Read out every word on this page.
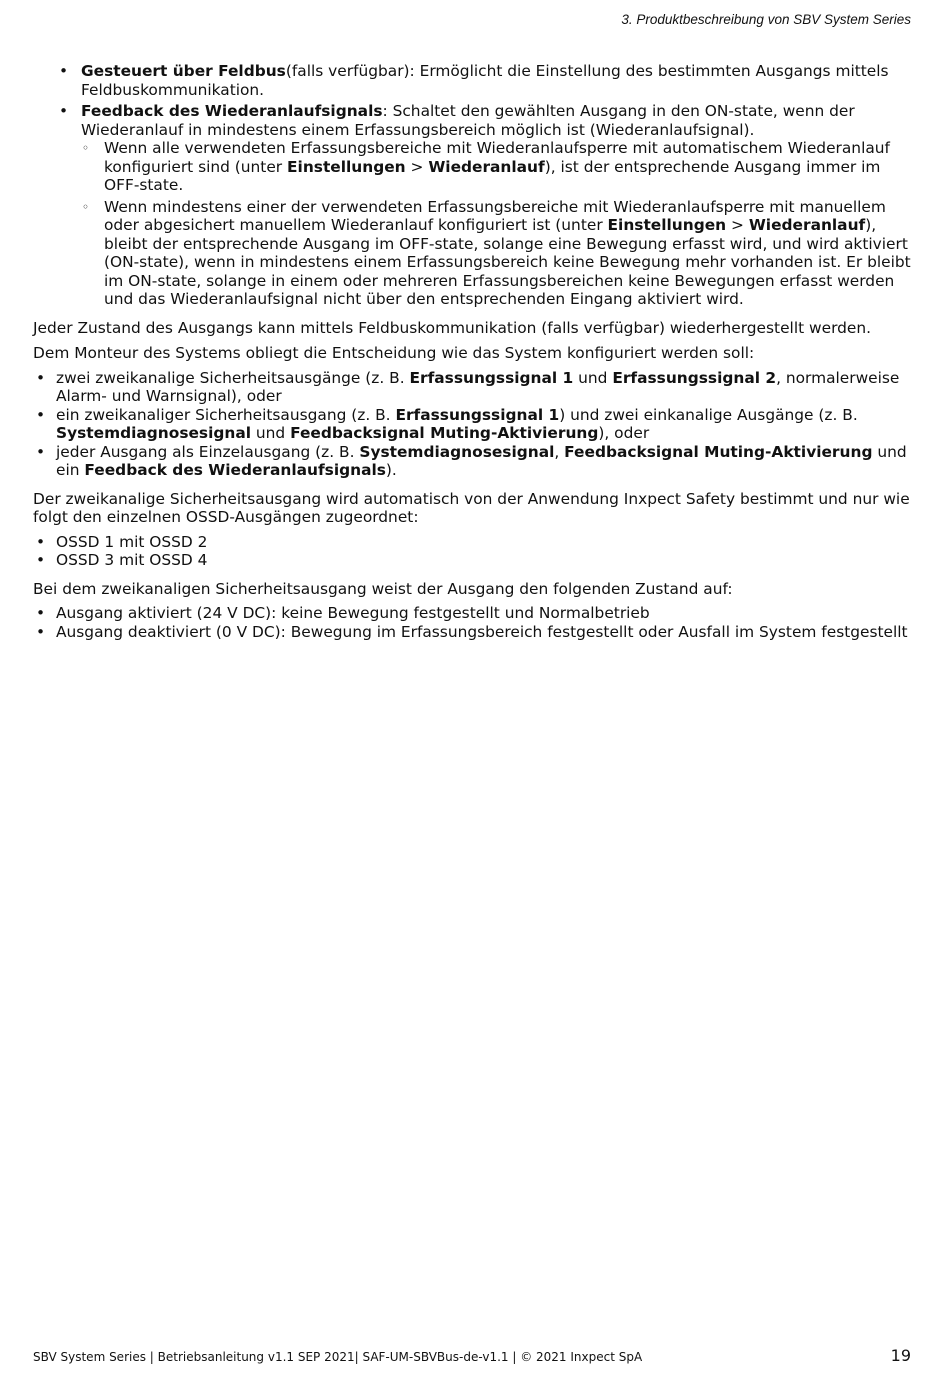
3. Produktbeschreibung von SBV System Series
• Gesteuert über Feldbus(falls verfügbar): Ermöglicht die Einstellung des bestimmten Ausgangs mittels Feldbuskommunikation.
• Feedback des Wiederanlaufsignals: Schaltet den gewählten Ausgang in den ON-state, wenn der Wiederanlauf in mindestens einem Erfassungsbereich möglich ist (Wiederanlaufsignal).
◦ Wenn alle verwendeten Erfassungsbereiche mit Wiederanlaufsperre mit automatischem Wiederanlauf konfiguriert sind (unter Einstellungen > Wiederanlauf), ist der entsprechende Ausgang immer im OFF-state.
◦ Wenn mindestens einer der verwendeten Erfassungsbereiche mit Wiederanlaufsperre mit manuellem oder abgesichert manuellem Wiederanlauf konfiguriert ist (unter Einstellungen > Wiederanlauf), bleibt der entsprechende Ausgang im OFF-state, solange eine Bewegung erfasst wird, und wird aktiviert (ON-state), wenn in mindestens einem Erfassungsbereich keine Bewegung mehr vorhanden ist. Er bleibt im ON-state, solange in einem oder mehreren Erfassungsbereichen keine Bewegungen erfasst werden und das Wiederanlaufsignal nicht über den entsprechenden Eingang aktiviert wird.

Jeder Zustand des Ausgangs kann mittels Feldbuskommunikation (falls verfügbar) wiederhergestellt werden.

Dem Monteur des Systems obliegt die Entscheidung wie das System konfiguriert werden soll:

• zwei zweikanalige Sicherheitsausgänge (z. B. Erfassungssignal 1 und Erfassungssignal 2, normalerweise Alarm- und Warnsignal), oder
• ein zweikanaliger Sicherheitsausgang (z. B. Erfassungssignal 1) und zwei einkanalige Ausgänge (z. B. Systemdiagnosesignal und Feedbacksignal Muting-Aktivierung), oder
• jeder Ausgang als Einzelausgang (z. B. Systemdiagnosesignal, Feedbacksignal Muting-Aktivierung und ein Feedback des Wiederanlaufsignals).

Der zweikanalige Sicherheitsausgang wird automatisch von der Anwendung Inxpect Safety bestimmt und nur wie folgt den einzelnen OSSD-Ausgängen zugeordnet:

• OSSD 1 mit OSSD 2
• OSSD 3 mit OSSD 4

Bei dem zweikanaligen Sicherheitsausgang weist der Ausgang den folgenden Zustand auf:

• Ausgang aktiviert (24 V DC): keine Bewegung festgestellt und Normalbetrieb
• Ausgang deaktiviert (0 V DC): Bewegung im Erfassungsbereich festgestellt oder Ausfall im System festgestellt
SBV System Series | Betriebsanleitung v1.1 SEP 2021| SAF-UM-SBVBus-de-v1.1 | © 2021 Inxpect SpA	19
